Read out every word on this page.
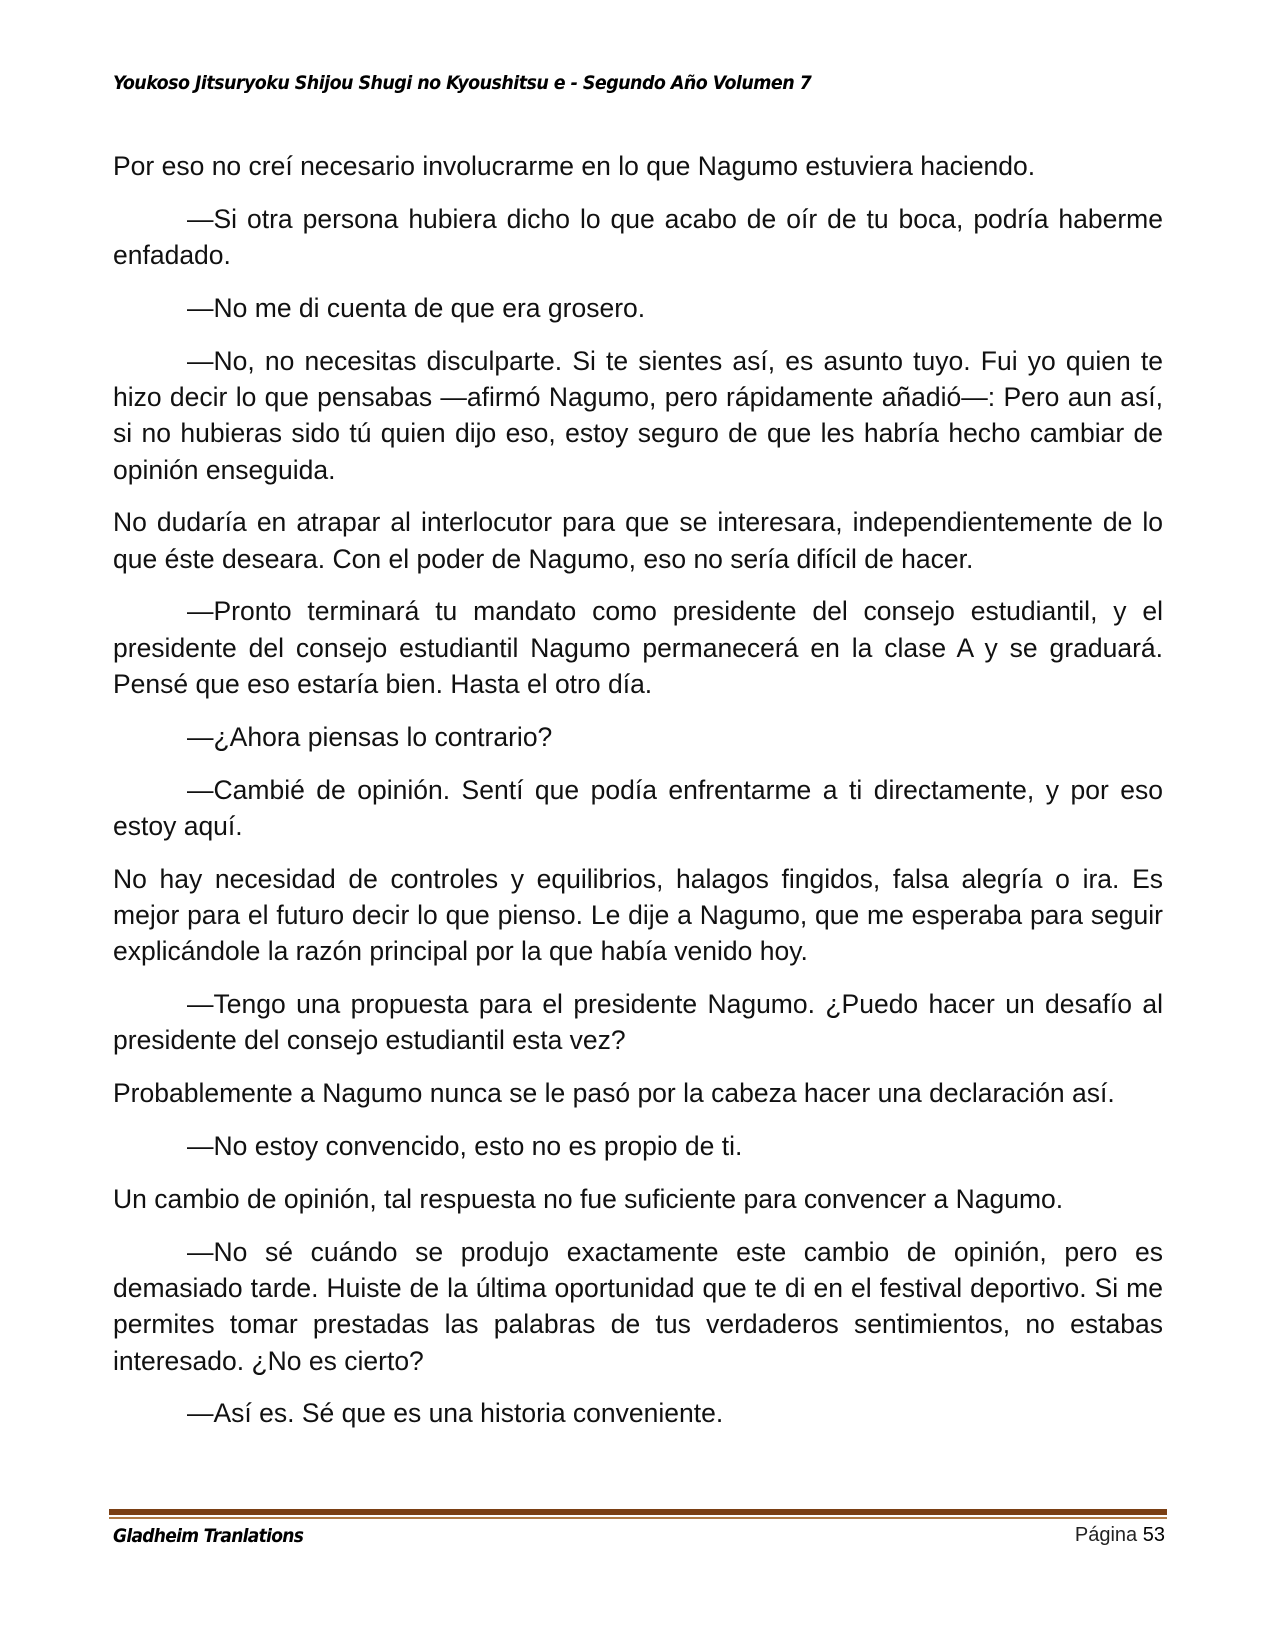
Youkoso Jitsuryoku Shijou Shugi no Kyoushitsu e - Segundo Año Volumen 7

Por eso no creí necesario involucrarme en lo que Nagumo estuviera haciendo.

—Si otra persona hubiera dicho lo que acabo de oír de tu boca, podría haberme enfadado.

—No me di cuenta de que era grosero.

—No, no necesitas disculparte. Si te sientes así, es asunto tuyo. Fui yo quien te hizo decir lo que pensabas —afirmó Nagumo, pero rápidamente añadió—: Pero aun así, si no hubieras sido tú quien dijo eso, estoy seguro de que les habría hecho cambiar de opinión enseguida.

No dudaría en atrapar al interlocutor para que se interesara, independientemente de lo que éste deseara. Con el poder de Nagumo, eso no sería difícil de hacer.

—Pronto terminará tu mandato como presidente del consejo estudiantil, y el presidente del consejo estudiantil Nagumo permanecerá en la clase A y se graduará. Pensé que eso estaría bien. Hasta el otro día.

—¿Ahora piensas lo contrario?

—Cambié de opinión. Sentí que podía enfrentarme a ti directamente, y por eso estoy aquí.

No hay necesidad de controles y equilibrios, halagos fingidos, falsa alegría o ira. Es mejor para el futuro decir lo que pienso. Le dije a Nagumo, que me esperaba para seguir explicándole la razón principal por la que había venido hoy.

—Tengo una propuesta para el presidente Nagumo. ¿Puedo hacer un desafío al presidente del consejo estudiantil esta vez?

Probablemente a Nagumo nunca se le pasó por la cabeza hacer una declaración así.

—No estoy convencido, esto no es propio de ti.

Un cambio de opinión, tal respuesta no fue suficiente para convencer a Nagumo.

—No sé cuándo se produjo exactamente este cambio de opinión, pero es demasiado tarde. Huiste de la última oportunidad que te di en el festival deportivo. Si me permites tomar prestadas las palabras de tus verdaderos sentimientos, no estabas interesado. ¿No es cierto?

—Así es. Sé que es una historia conveniente.

Gladheim Tranlations	Página 53
